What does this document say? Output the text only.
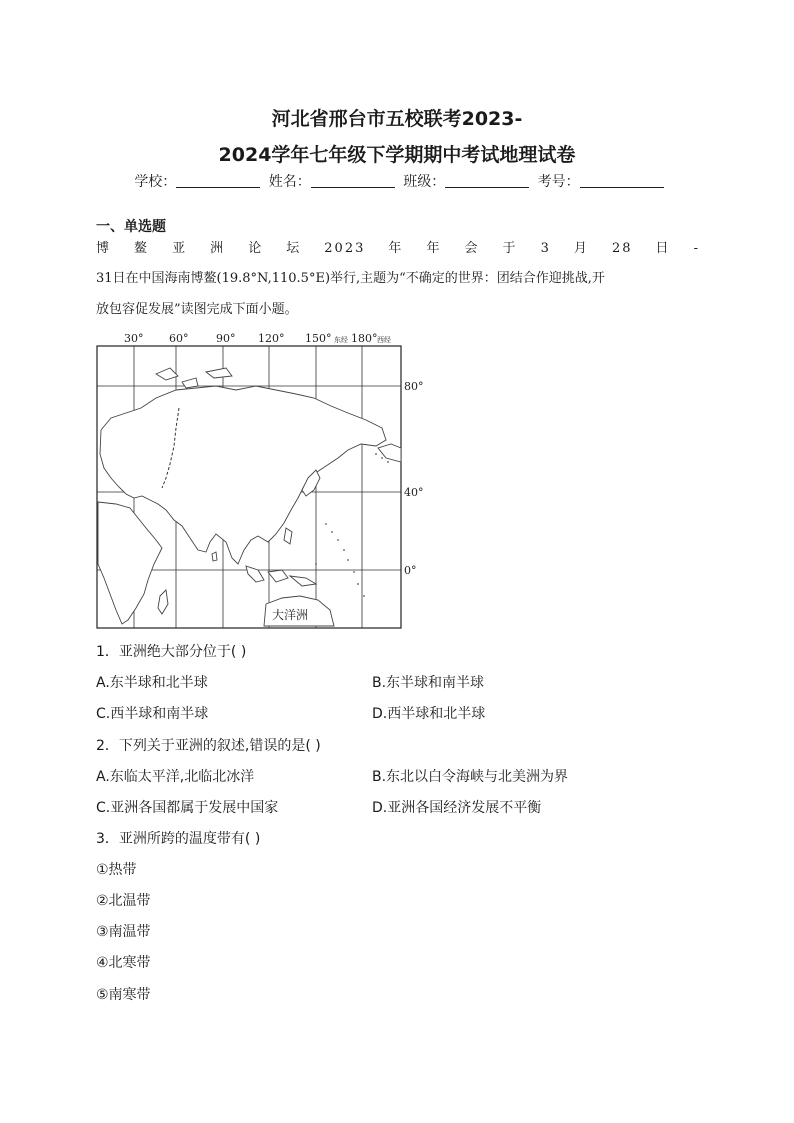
河北省邢台市五校联考2023-
2024学年七年级下学期期中考试地理试卷
学校：	姓名：	班级：	考号：
一、单选题
博鳌亚洲论坛2023年年会于3月28日-
31日在中国海南博鳌(19.8°N,110.5°E)举行,主题为“不确定的世界：团结合作迎挑战,开
放包容促发展”读图完成下面小题。
30° 60°	90° 120° 150° 东经 180° 西经
80°
40°
0°
大洋洲
1．亚洲绝大部分位于( )
A.东半球和北半球	B.东半球和南半球
C.西半球和南半球	D.西半球和北半球
2．下列关于亚洲的叙述,错误的是( )
A.东临太平洋,北临北冰洋	B.东北以白令海峡与北美洲为界
C.亚洲各国都属于发展中国家	D.亚洲各国经济发展不平衡
3．亚洲所跨的温度带有( )
①热带
②北温带
③南温带
④北寒带
⑤南寒带
